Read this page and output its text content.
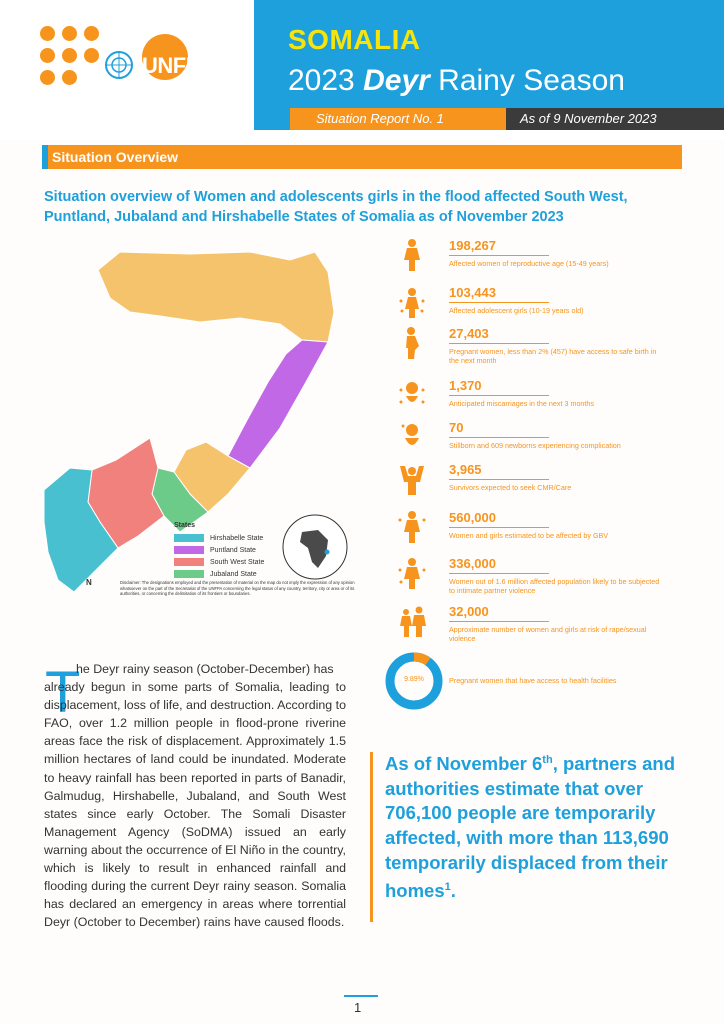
UNFPA
SOMALIA
2023 Deyr Rainy Season
Situation Report No. 1	As of 9 November 2023
Situation Overview
Situation overview of Women and adolescents girls in the flood affected South West, Puntland, Jubaland and Hirshabelle States of Somalia as of November 2023
States
Hirshabelle State
Puntland State
South West State
Jubaland State
N	Disclaimer: The designations employed and the presentation of material on the map do not imply the expression of any opinion whatsoever on the part of the Secretariat of the UNFPA concerning the legal status of any country, territory, city or area or of its authorities, or concerning the delimitation of its frontiers or boundaries.
9.89%	Pregnant women that have access to health facilities
T
he Deyr rainy season (October-December) has
already begun in some parts of Somalia, leading to displacement, loss of life, and destruction. According to FAO, over 1.2 million people in flood-prone riverine areas face the risk of displacement. Approximately 1.5 million hectares of land could be inundated. Moderate to heavy rainfall has been reported in parts of Banadir, Galmudug, Hirshabelle, Jubaland, and South West states since early October. The Somali Disaster Management Agency (SoDMA) issued an early warning about the occurrence of El Niño in the country, which is likely to result in enhanced rainfall and flooding during the current Deyr rainy season. Somalia has declared an emergency in areas where torrential Deyr (October to December) rains have caused floods.
As of November 6th, partners and authorities estimate that over 706,100 people are temporarily affected, with more than 113,690 temporarily displaced from their homes$^1$.
1
198,267
Affected women of reproductive age (15-49 years)
103,443
Affected adolescent girls (10-19 years old)
27,403
Pregnant women, less than 2% (457) have access to safe birth in the next month
1,370
Anticipated miscarriages in the next 3 months
70
Stillborn and 609 newborns experiencing complication
3,965
Survivors expected to seek CMR/Care
560,000
Women and girls estimated to be affected by GBV
336,000
Women out of 1.6 million affected population likely to be subjected to intimate partner violence
32,000
Approximate number of women and girls at risk of rape/sexual violence
